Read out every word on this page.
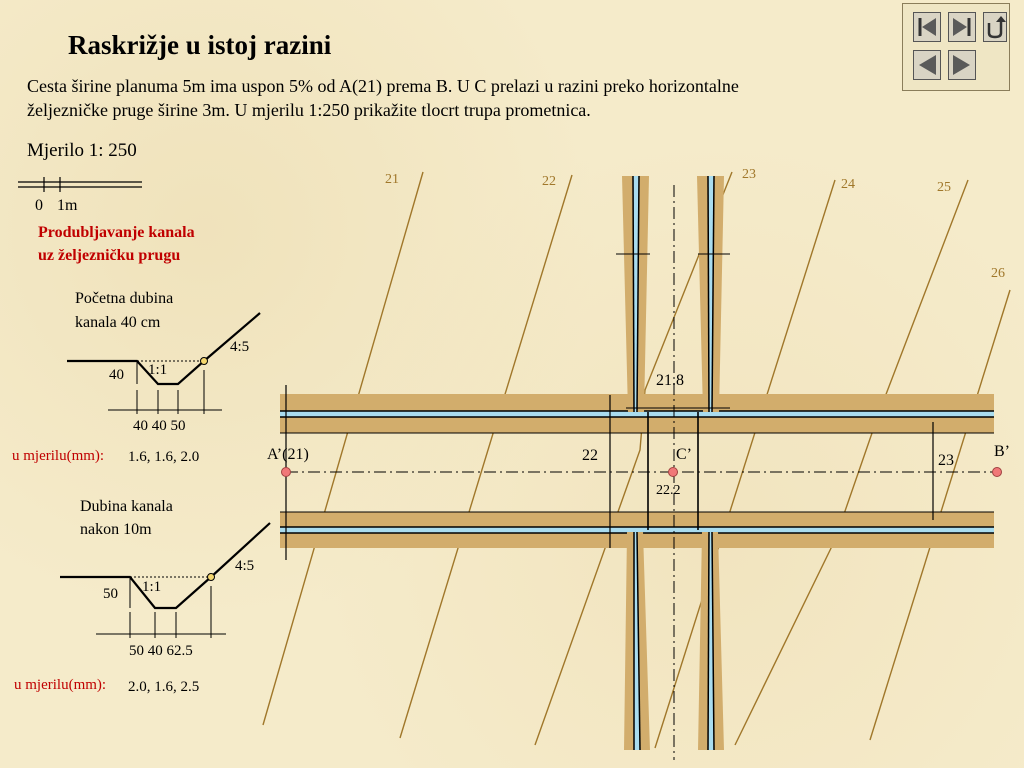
Raskrižje u istoj razini
Cesta širine planuma 5m ima uspon 5% od A(21) prema B. U C prelazi u razini preko horizontalne
željezničke pruge širine 3m. U mjerilu 1:250 prikažite tlocrt trupa prometnica.
Mjerilo 1: 250
0 1m
Produbljavanje kanala
uz željezničku prugu
Početna dubina
kanala 40 cm
40 1:1
4:5
40 40 50
u mjerilu(mm): 1.6, 1.6, 2.0
Dubina kanala
nakon 10m
50 1:1
4:5
50 40 62.5
u mjerilu(mm): 2.0, 1.6, 2.5
21	22	23
24	25
26
A’(21)	B’
C’
22	23
21.8
22.2
